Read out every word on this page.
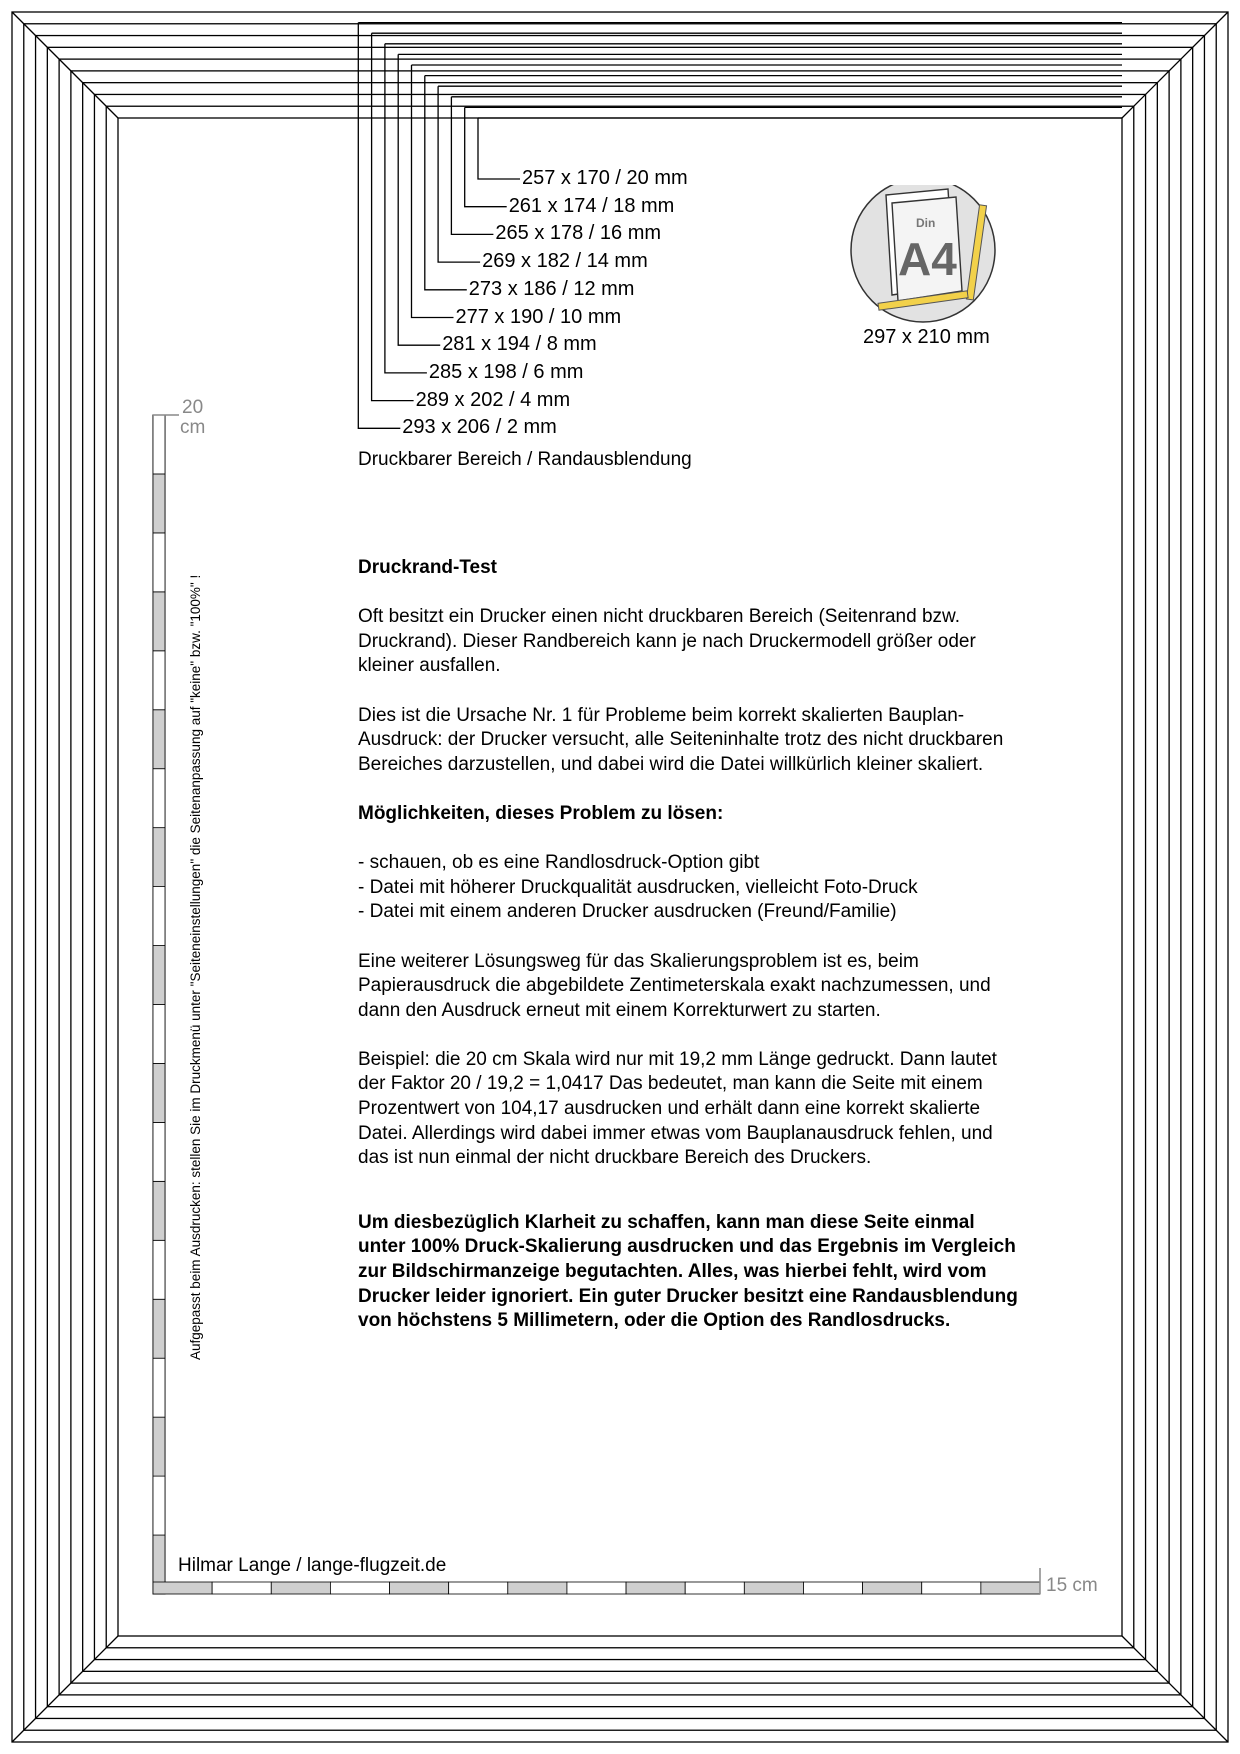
257 x 170 / 20 mm
261 x 174 / 18 mm
265 x 178 / 16 mm
269 x 182 / 14 mm
273 x 186 / 12 mm
277 x 190 / 10 mm
281 x 194 / 8 mm
285 x 198 / 6 mm
289 x 202 / 4 mm
293 x 206 / 2 mm
Druckbarer Bereich / Randausblendung
Din
A4
297 x 210 mm
20
cm
15 cm
Aufgepasst beim Ausdrucken: stellen Sie im Druckmenü unter "Seiteneinstellungen" die Seitenanpassung auf "keine" bzw. "100%" !

Druckrand-Test

Oft besitzt ein Drucker einen nicht druckbaren Bereich (Seitenrand bzw. Druckrand). Dieser Randbereich kann je nach Druckermodell größer oder kleiner ausfallen.

Dies ist die Ursache Nr. 1 für Probleme beim korrekt skalierten Bauplan-Ausdruck: der Drucker versucht, alle Seiteninhalte trotz des nicht druckbaren Bereiches darzustellen, und dabei wird die Datei willkürlich kleiner skaliert.

Möglichkeiten, dieses Problem zu lösen:

- schauen, ob es eine Randlosdruck-Option gibt
- Datei mit höherer Druckqualität ausdrucken, vielleicht Foto-Druck
- Datei mit einem anderen Drucker ausdrucken (Freund/Familie)

Eine weiterer Lösungsweg für das Skalierungsproblem ist es, beim Papierausdruck die abgebildete Zentimeterskala exakt nachzumessen, und dann den Ausdruck erneut mit einem Korrekturwert zu starten.

Beispiel: die 20 cm Skala wird nur mit 19,2 mm Länge gedruckt. Dann lautet der Faktor 20 / 19,2 = 1,0417 Das bedeutet, man kann die Seite mit einem Prozentwert von 104,17 ausdrucken und erhält dann eine korrekt skalierte Datei. Allerdings wird dabei immer etwas vom Bauplanausdruck fehlen, und das ist nun einmal der nicht druckbare Bereich des Druckers.

Um diesbezüglich Klarheit zu schaffen, kann man diese Seite einmal unter 100% Druck-Skalierung ausdrucken und das Ergebnis im Vergleich zur Bildschirmanzeige begutachten. Alles, was hierbei fehlt, wird vom Drucker leider ignoriert. Ein guter Drucker besitzt eine Randausblendung von höchstens 5 Millimetern, oder die Option des Randlosdrucks.

Hilmar Lange / lange-flugzeit.de
